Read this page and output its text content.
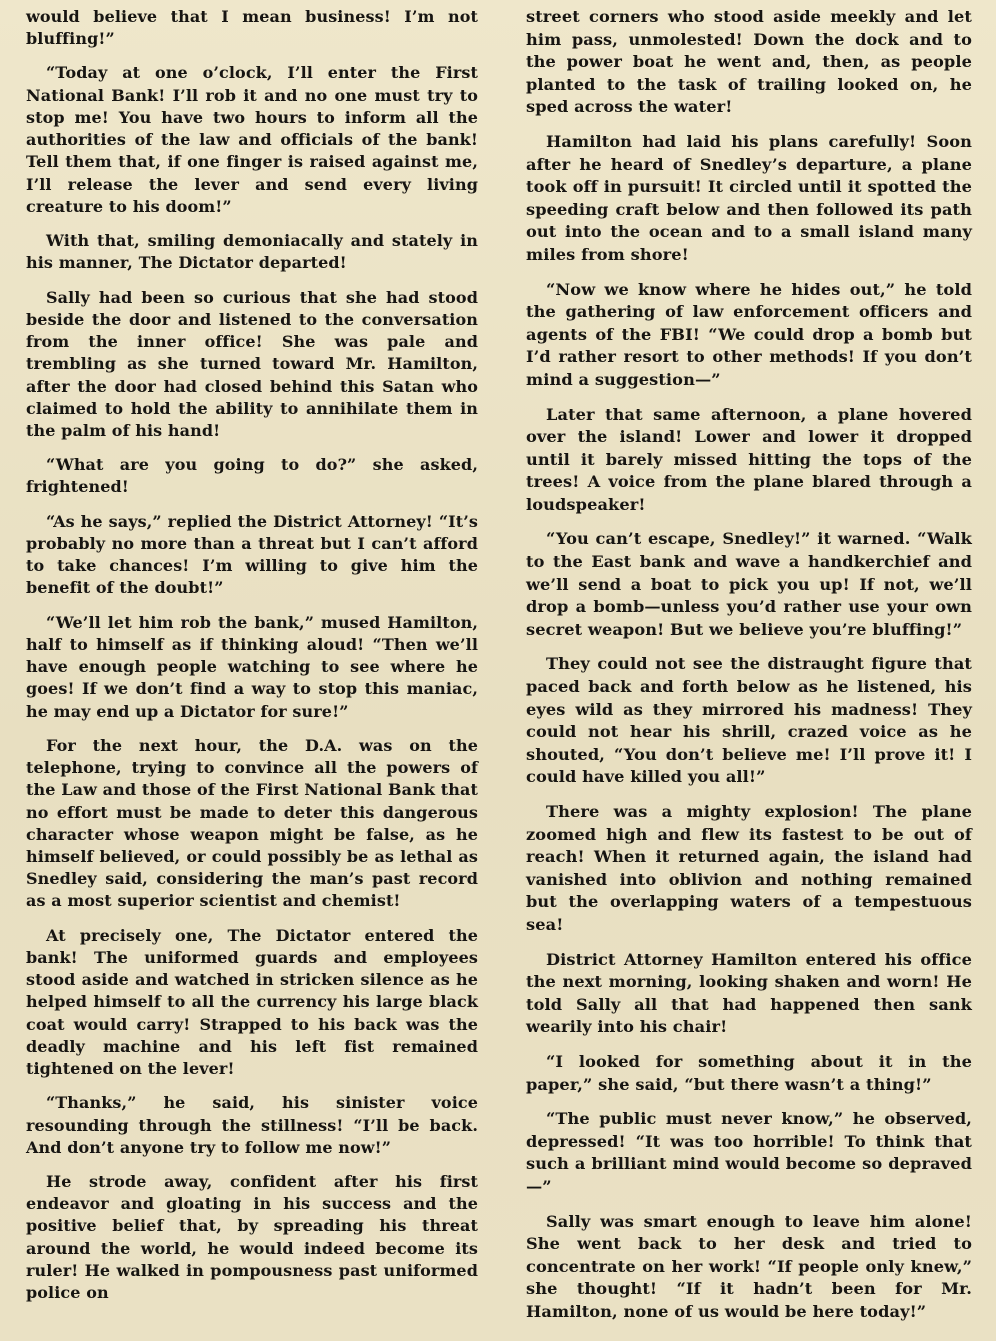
would believe that I mean business! I’m not bluffing!”

“Today at one o’clock, I’ll enter the First National Bank! I’ll rob it and no one must try to stop me! You have two hours to inform all the authorities of the law and officials of the bank! Tell them that, if one finger is raised against me, I’ll release the lever and send every living creature to his doom!”

With that, smiling demoniacally and stately in his manner, The Dictator departed!

Sally had been so curious that she had stood beside the door and listened to the conversation from the inner office! She was pale and trembling as she turned toward Mr. Hamilton, after the door had closed behind this Satan who claimed to hold the ability to annihilate them in the palm of his hand!

“What are you going to do?” she asked, frightened!

“As he says,” replied the District Attorney! “It’s probably no more than a threat but I can’t afford to take chances! I’m willing to give him the benefit of the doubt!”

“We’ll let him rob the bank,” mused Hamilton, half to himself as if thinking aloud! “Then we’ll have enough people watching to see where he goes! If we don’t find a way to stop this maniac, he may end up a Dictator for sure!”

For the next hour, the D.A. was on the telephone, trying to convince all the powers of the Law and those of the First National Bank that no effort must be made to deter this dangerous character whose weapon might be false, as he himself believed, or could possibly be as lethal as Snedley said, considering the man’s past record as a most superior scientist and chemist!

At precisely one, The Dictator entered the bank! The uniformed guards and employees stood aside and watched in stricken silence as he helped himself to all the currency his large black coat would carry! Strapped to his back was the deadly machine and his left fist remained tightened on the lever!

“Thanks,” he said, his sinister voice resounding through the stillness! “I’ll be back. And don’t anyone try to follow me now!”

He strode away, confident after his first endeavor and gloating in his success and the positive belief that, by spreading his threat around the world, he would indeed become its ruler! He walked in pompousness past uniformed police on

street corners who stood aside meekly and let him pass, unmolested! Down the dock and to the power boat he went and, then, as people planted to the task of trailing looked on, he sped across the water!

Hamilton had laid his plans carefully! Soon after he heard of Snedley’s departure, a plane took off in pursuit! It circled until it spotted the speeding craft below and then followed its path out into the ocean and to a small island many miles from shore!

“Now we know where he hides out,” he told the gathering of law enforcement officers and agents of the FBI! “We could drop a bomb but I’d rather resort to other methods! If you don’t mind a suggestion—”

Later that same afternoon, a plane hovered over the island! Lower and lower it dropped until it barely missed hitting the tops of the trees! A voice from the plane blared through a loudspeaker!

“You can’t escape, Snedley!” it warned. “Walk to the East bank and wave a handkerchief and we’ll send a boat to pick you up! If not, we’ll drop a bomb—unless you’d rather use your own secret weapon! But we believe you’re bluffing!”

They could not see the distraught figure that paced back and forth below as he listened, his eyes wild as they mirrored his madness! They could not hear his shrill, crazed voice as he shouted, “You don’t believe me! I’ll prove it! I could have killed you all!”

There was a mighty explosion! The plane zoomed high and flew its fastest to be out of reach! When it returned again, the island had vanished into oblivion and nothing remained but the overlapping waters of a tempestuous sea!

District Attorney Hamilton entered his office the next morning, looking shaken and worn! He told Sally all that had happened then sank wearily into his chair!

“I looked for something about it in the paper,” she said, “but there wasn’t a thing!”

“The public must never know,” he observed, depressed! “It was too horrible! To think that such a brilliant mind would become so depraved—”

Sally was smart enough to leave him alone! She went back to her desk and tried to concentrate on her work! “If people only knew,” she thought! “If it hadn’t been for Mr. Hamilton, none of us would be here today!”
